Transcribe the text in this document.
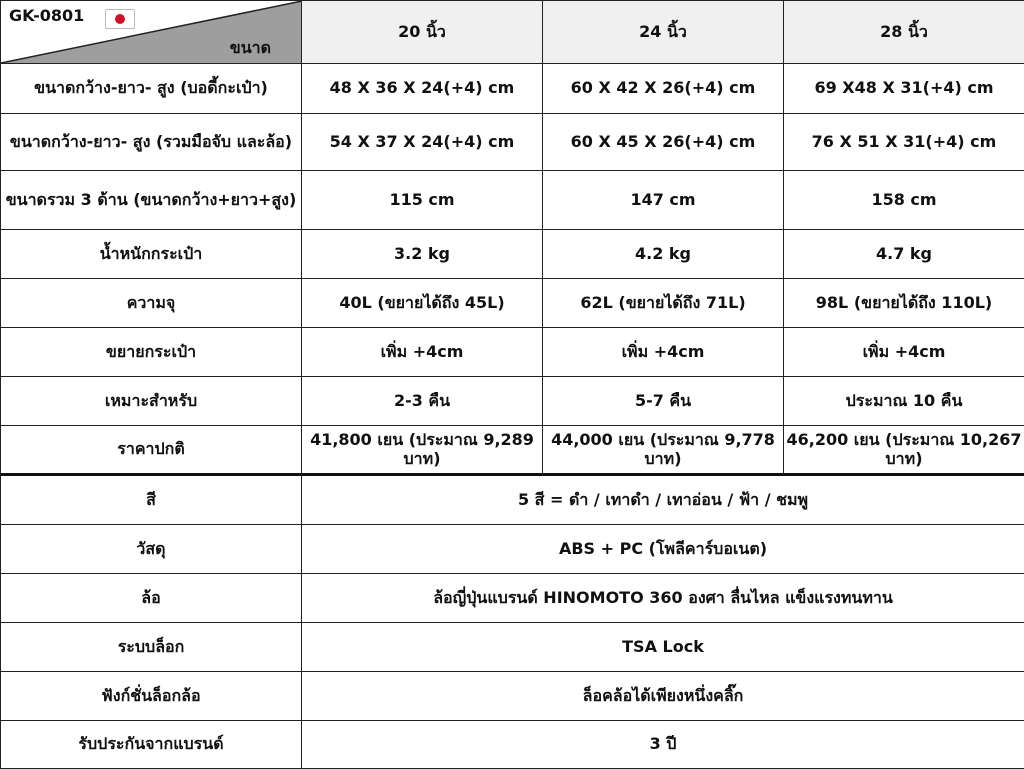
GK-0801
ขนาด	20 นิ้ว	24 นิ้ว	28 นิ้ว
ขนาดกว้าง-ยาว- สูง (บอดี้กะเป๋า)	48 X 36 X 24(+4) cm	60 X 42 X 26(+4) cm	69 X48 X 31(+4) cm
ขนาดกว้าง-ยาว- สูง (รวมมือจับ และล้อ)	54 X 37 X 24(+4) cm	60 X 45 X 26(+4) cm	76 X 51 X 31(+4) cm
ขนาดรวม 3 ด้าน (ขนาดกว้าง+ยาว+สูง)	115 cm	147 cm	158 cm
น้ำหนักกระเป๋า	3.2 kg	4.2 kg	4.7 kg
ความจุ	40L (ขยายได้ถึง 45L)	62L (ขยายได้ถึง 71L)	98L (ขยายได้ถึง 110L)
ขยายกระเป๋า	เพิ่ม +4cm	เพิ่ม +4cm	เพิ่ม +4cm
เหมาะสำหรับ	2-3 คืน	5-7 คืน	ประมาณ 10 คืน
ราคาปกติ	41,800 เยน (ประมาณ 9,289 บาท)	44,000 เยน (ประมาณ 9,778 บาท)	46,200 เยน (ประมาณ 10,267 บาท)
สี	5 สี = ดำ / เทาดำ / เทาอ่อน / ฟ้า / ชมพู		
วัสดุ	ABS + PC (โพลีคาร์บอเนต)		
ล้อ	ล้อญี่ปุ่นแบรนด์ HINOMOTO 360 องศา ลื่นไหล แข็งแรงทนทาน		
ระบบล็อก	TSA Lock		
ฟังก์ชั่นล็อกล้อ	ล็อคล้อได้เพียงหนึ่งคลิ๊ก		
รับประกันจากแบรนด์	3 ปี		
